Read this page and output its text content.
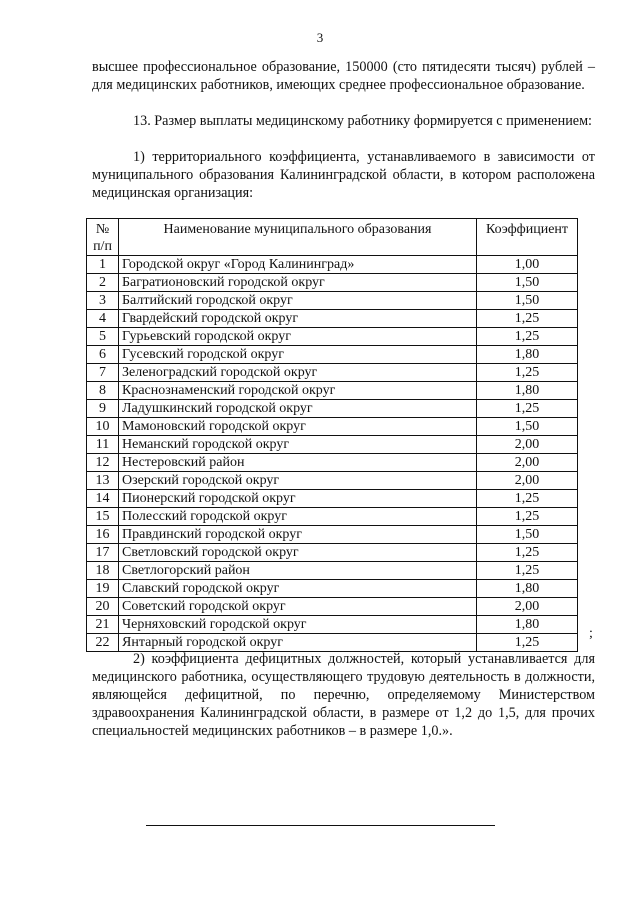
3

высшее профессиональное образование, 150000 (сто пятидесяти тысяч) рублей – для медицинских работников, имеющих среднее профессиональное образование.

13. Размер выплаты медицинскому работнику формируется с применением:

1) территориального коэффициента, устанавливаемого в зависимости от муниципального образования Калининградской области, в котором расположена медицинская организация:

№ п/п	Наименование муниципального образования	Коэффициент
1	Городской округ «Город Калининград»	1,00
2	Багратионовский городской округ	1,50
3	Балтийский городской округ	1,50
4	Гвардейский городской округ	1,25
5	Гурьевский городской округ	1,25
6	Гусевский городской округ	1,80
7	Зеленоградский городской округ	1,25
8	Краснознаменский городской округ	1,80
9	Ладушкинский городской округ	1,25
10	Мамоновский городской округ	1,50
11	Неманский городской округ	2,00
12	Нестеровский район	2,00
13	Озерский городской округ	2,00
14	Пионерский городской округ	1,25
15	Полесский городской округ	1,25
16	Правдинский городской округ	1,50
17	Светловский городской округ	1,25
18	Светлогорский район	1,25
19	Славский городской округ	1,80
20	Советский городской округ	2,00
21	Черняховский городской округ	1,80
22	Янтарный городской округ	1,25
;

2) коэффициента дефицитных должностей, который устанавливается для медицинского работника, осуществляющего трудовую деятельность в должности, являющейся дефицитной, по перечню, определяемому Министерством здравоохранения Калининградской области, в размере от 1,2 до 1,5, для прочих специальностей медицинских работников – в размере 1,0.».
